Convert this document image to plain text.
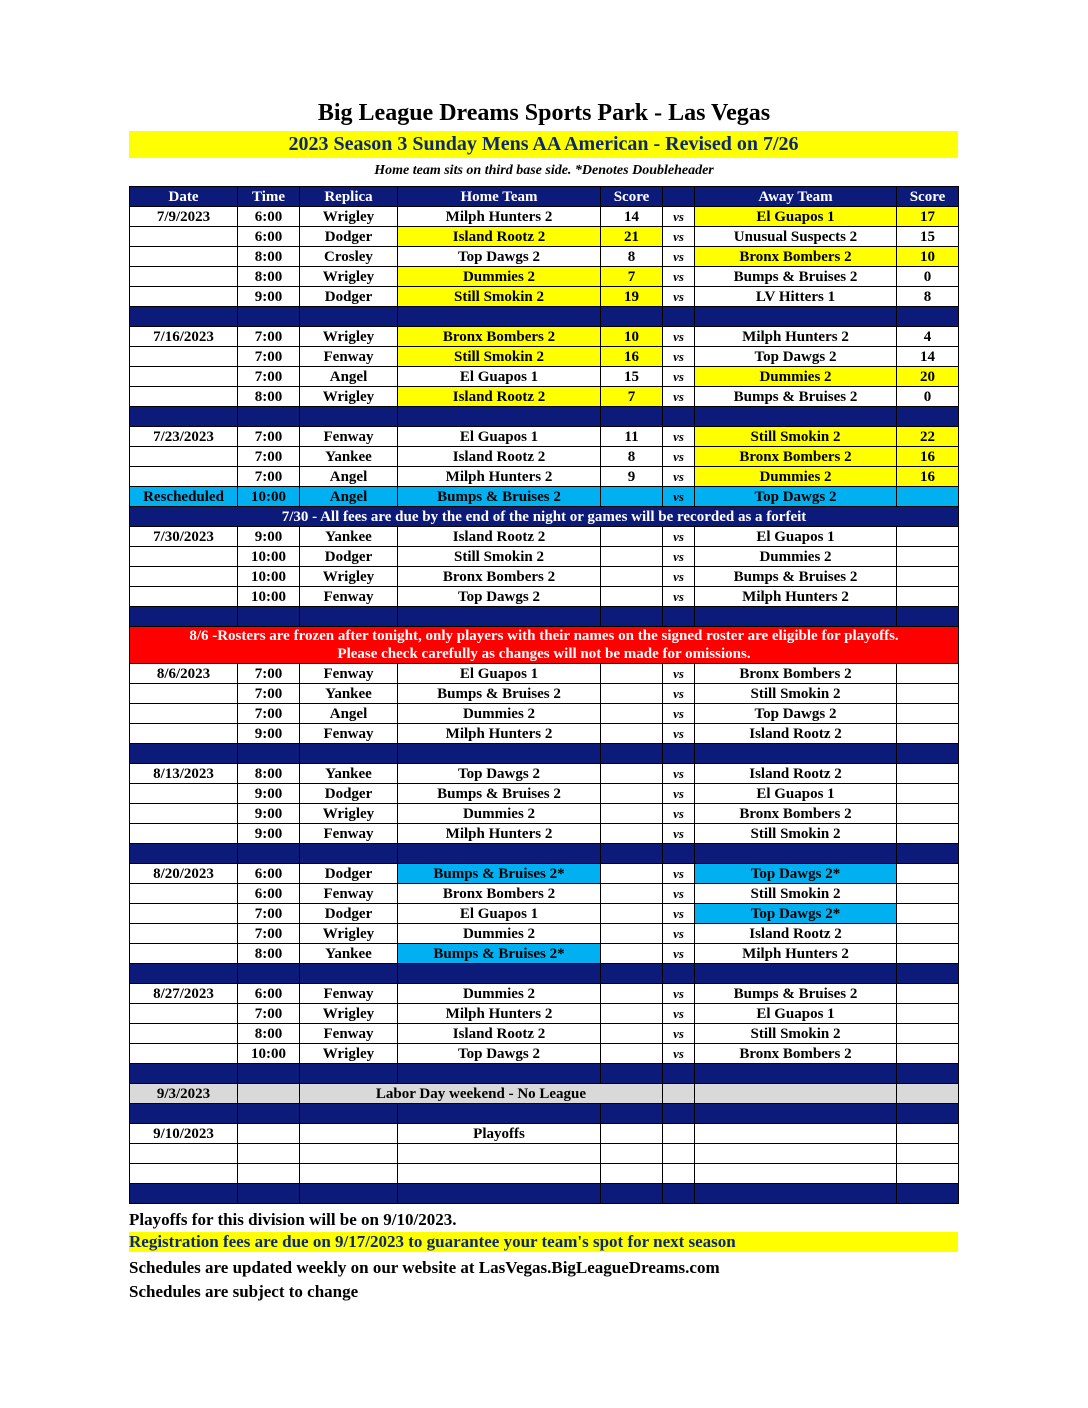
Big League Dreams Sports Park - Las Vegas
2023 Season 3 Sunday Mens AA American - Revised on 7/26
Home team sits on third base side. *Denotes Doubleheader
Date	Time	Replica	Home Team	Score		Away Team	Score
7/9/2023	6:00	Wrigley	Milph Hunters 2	14	vs	El Guapos 1	17
	6:00	Dodger	Island Rootz 2	21	vs	Unusual Suspects 2	15
	8:00	Crosley	Top Dawgs 2	8	vs	Bronx Bombers 2	10
	8:00	Wrigley	Dummies 2	7	vs	Bumps & Bruises 2	0
	9:00	Dodger	Still Smokin 2	19	vs	LV Hitters 1	8

7/16/2023	7:00	Wrigley	Bronx Bombers 2	10	vs	Milph Hunters 2	4
	7:00	Fenway	Still Smokin 2	16	vs	Top Dawgs 2	14
	7:00	Angel	El Guapos 1	15	vs	Dummies 2	20
	8:00	Wrigley	Island Rootz 2	7	vs	Bumps & Bruises 2	0

7/23/2023	7:00	Fenway	El Guapos 1	11	vs	Still Smokin 2	22
	7:00	Yankee	Island Rootz 2	8	vs	Bronx Bombers 2	16
	7:00	Angel	Milph Hunters 2	9	vs	Dummies 2	16
Rescheduled	10:00	Angel	Bumps & Bruises 2		vs	Top Dawgs 2	
7/30 - All fees are due by the end of the night or games will be recorded as a forfeit							
7/30/2023	9:00	Yankee	Island Rootz 2		vs	El Guapos 1	
	10:00	Dodger	Still Smokin 2		vs	Dummies 2	
	10:00	Wrigley	Bronx Bombers 2		vs	Bumps & Bruises 2	
	10:00	Fenway	Top Dawgs 2		vs	Milph Hunters 2	

8/6 -Rosters are frozen after tonight, only players with their names on the signed roster are eligible for playoffs.
Please check carefully as changes will not be made for omissions.							

8/6/2023	7:00	Fenway	El Guapos 1		vs	Bronx Bombers 2	
	7:00	Yankee	Bumps & Bruises 2		vs	Still Smokin 2	
	7:00	Angel	Dummies 2		vs	Top Dawgs 2	
	9:00	Fenway	Milph Hunters 2		vs	Island Rootz 2	

8/13/2023	8:00	Yankee	Top Dawgs 2		vs	Island Rootz 2	
	9:00	Dodger	Bumps & Bruises 2		vs	El Guapos 1	
	9:00	Wrigley	Dummies 2		vs	Bronx Bombers 2	
	9:00	Fenway	Milph Hunters 2		vs	Still Smokin 2	

8/20/2023	6:00	Dodger	Bumps & Bruises 2*		vs	Top Dawgs 2*	
	6:00	Fenway	Bronx Bombers 2		vs	Still Smokin 2	
	7:00	Dodger	El Guapos 1		vs	Top Dawgs 2*	
	7:00	Wrigley	Dummies 2		vs	Island Rootz 2	
	8:00	Yankee	Bumps & Bruises 2*		vs	Milph Hunters 2	

8/27/2023	6:00	Fenway	Dummies 2		vs	Bumps & Bruises 2	
	7:00	Wrigley	Milph Hunters 2		vs	El Guapos 1	
	8:00	Fenway	Island Rootz 2		vs	Still Smokin 2	
	10:00	Wrigley	Top Dawgs 2		vs	Bronx Bombers 2	

9/3/2023		Labor Day weekend - No League					

9/10/2023			Playoffs				

Playoffs for this division will be on 9/10/2023.
Registration fees are due on 9/17/2023 to guarantee your team's spot for next season
Schedules are updated weekly on our website at LasVegas.BigLeagueDreams.com
Schedules are subject to change
